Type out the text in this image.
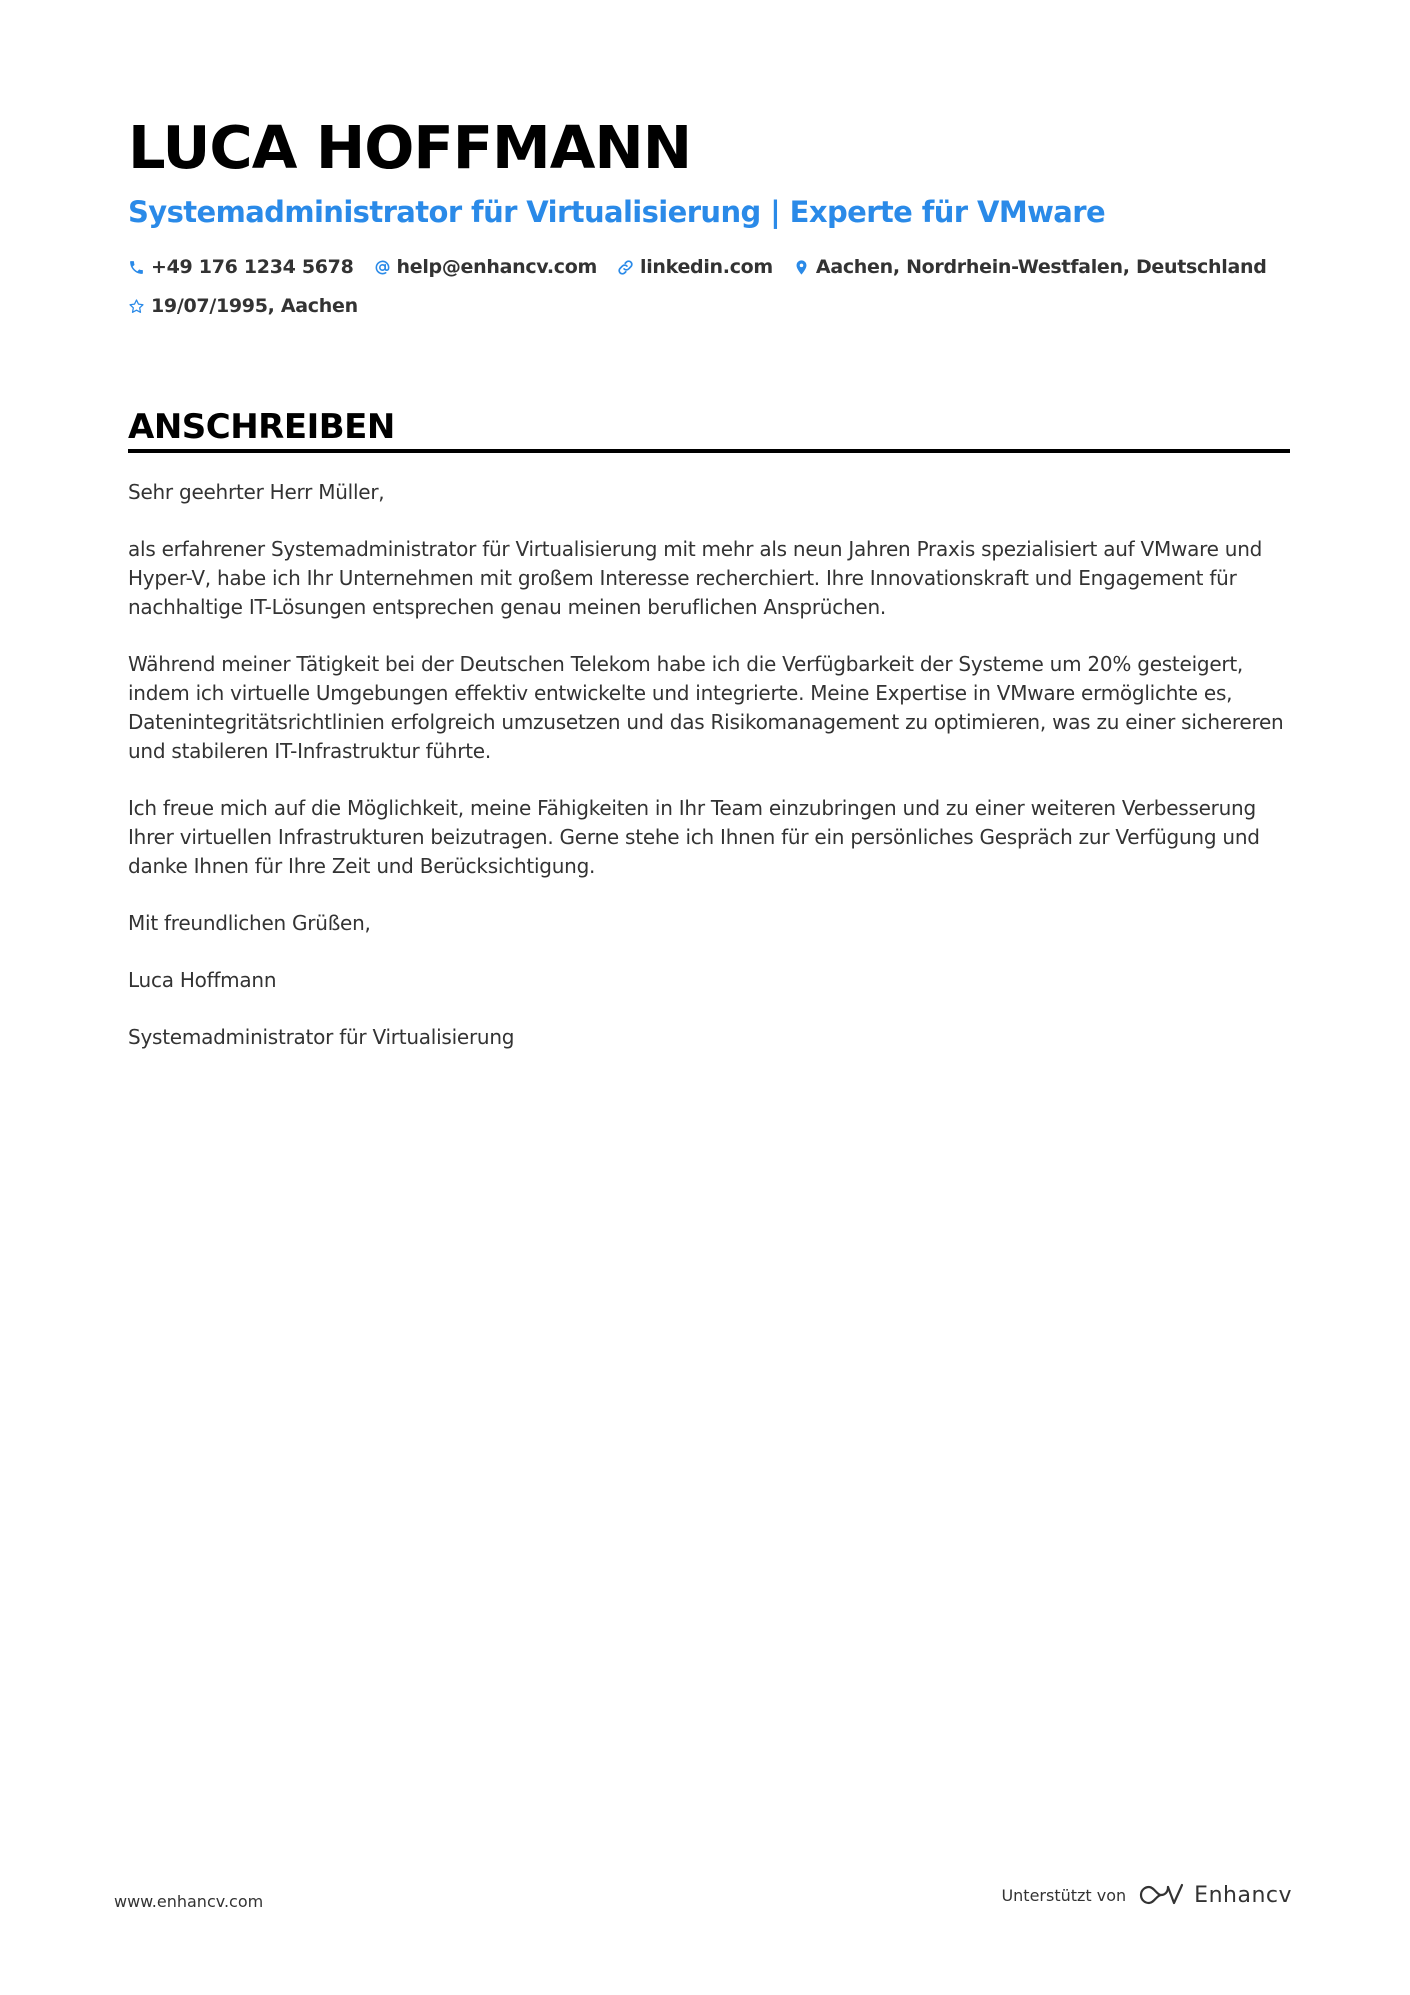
LUCA HOFFMANN
Systemadministrator für Virtualisierung | Experte für VMware
+49 176 1234 5678 help@enhancv.com linkedin.com Aachen, Nordrhein-Westfalen, Deutschland
19/07/1995, Aachen
ANSCHREIBEN

Sehr geehrter Herr Müller,

als erfahrener Systemadministrator für Virtualisierung mit mehr als neun Jahren Praxis spezialisiert auf VMware und Hyper-V, habe ich Ihr Unternehmen mit großem Interesse recherchiert. Ihre Innovationskraft und Engagement für nachhaltige IT-Lösungen entsprechen genau meinen beruflichen Ansprüchen.

Während meiner Tätigkeit bei der Deutschen Telekom habe ich die Verfügbarkeit der Systeme um 20% gesteigert, indem ich virtuelle Umgebungen effektiv entwickelte und integrierte. Meine Expertise in VMware ermöglichte es, Datenintegritätsrichtlinien erfolgreich umzusetzen und das Risikomanagement zu optimieren, was zu einer sichereren und stabileren IT-Infrastruktur führte.

Ich freue mich auf die Möglichkeit, meine Fähigkeiten in Ihr Team einzubringen und zu einer weiteren Verbesserung Ihrer virtuellen Infrastrukturen beizutragen. Gerne stehe ich Ihnen für ein persönliches Gespräch zur Verfügung und danke Ihnen für Ihre Zeit und Berücksichtigung.

Mit freundlichen Grüßen,

Luca Hoffmann

Systemadministrator für Virtualisierung

www.enhancv.com	Unterstützt von	Enhancv
